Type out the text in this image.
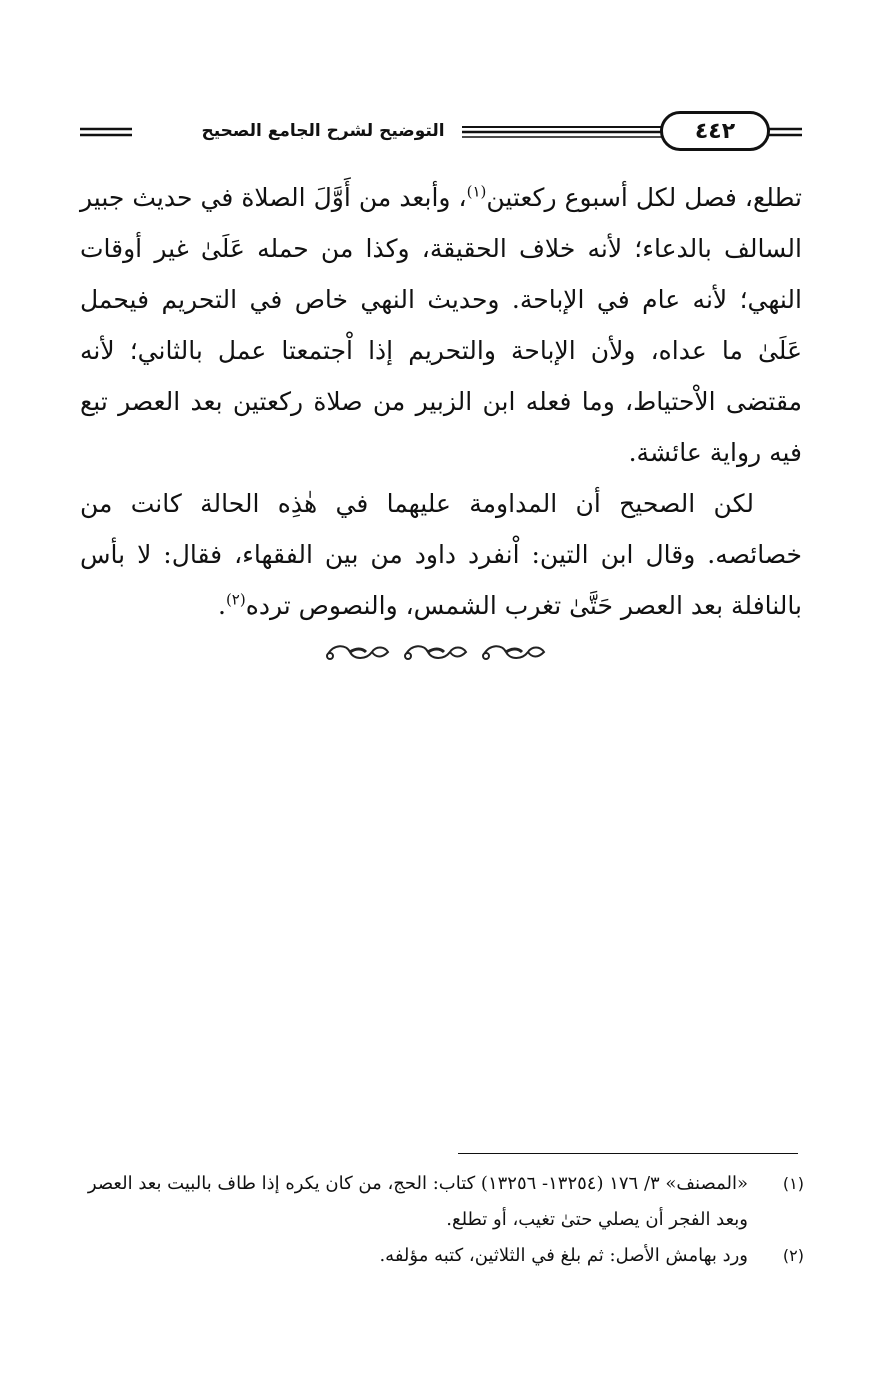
التوضيح لشرح الجامع الصحيح	٤٤٢

تطلع، فصل لكل أسبوع ركعتين$^{(١)}$، وأبعد من أَوَّلَ الصلاة في حديث جبير السالف بالدعاء؛ لأنه خلاف الحقيقة، وكذا من حمله عَلَىٰ غير أوقات النهي؛ لأنه عام في الإباحة. وحديث النهي خاص في التحريم فيحمل عَلَىٰ ما عداه، ولأن الإباحة والتحريم إذا اْجتمعتا عمل بالثاني؛ لأنه مقتضى الاْحتياط، وما فعله ابن الزبير من صلاة ركعتين بعد العصر تبع فيه رواية عائشة.

لكن الصحيح أن المداومة عليهما في هٰذِه الحالة كانت من خصائصه. وقال ابن التين: اْنفرد داود من بين الفقهاء، فقال: لا بأس بالنافلة بعد العصر حَتَّىٰ تغرب الشمس، والنصوص ترده$^{(٢)}$.

(١)
«المصنف» ٣/ ١٧٦ (١٣٢٥٤- ١٣٢٥٦) كتاب: الحج، من كان يكره إذا طاف بالبيت بعد العصر وبعد الفجر أن يصلي حتىٰ تغيب، أو تطلع.
(٢)
ورد بهامش الأصل: ثم بلغ في الثلاثين، كتبه مؤلفه.
